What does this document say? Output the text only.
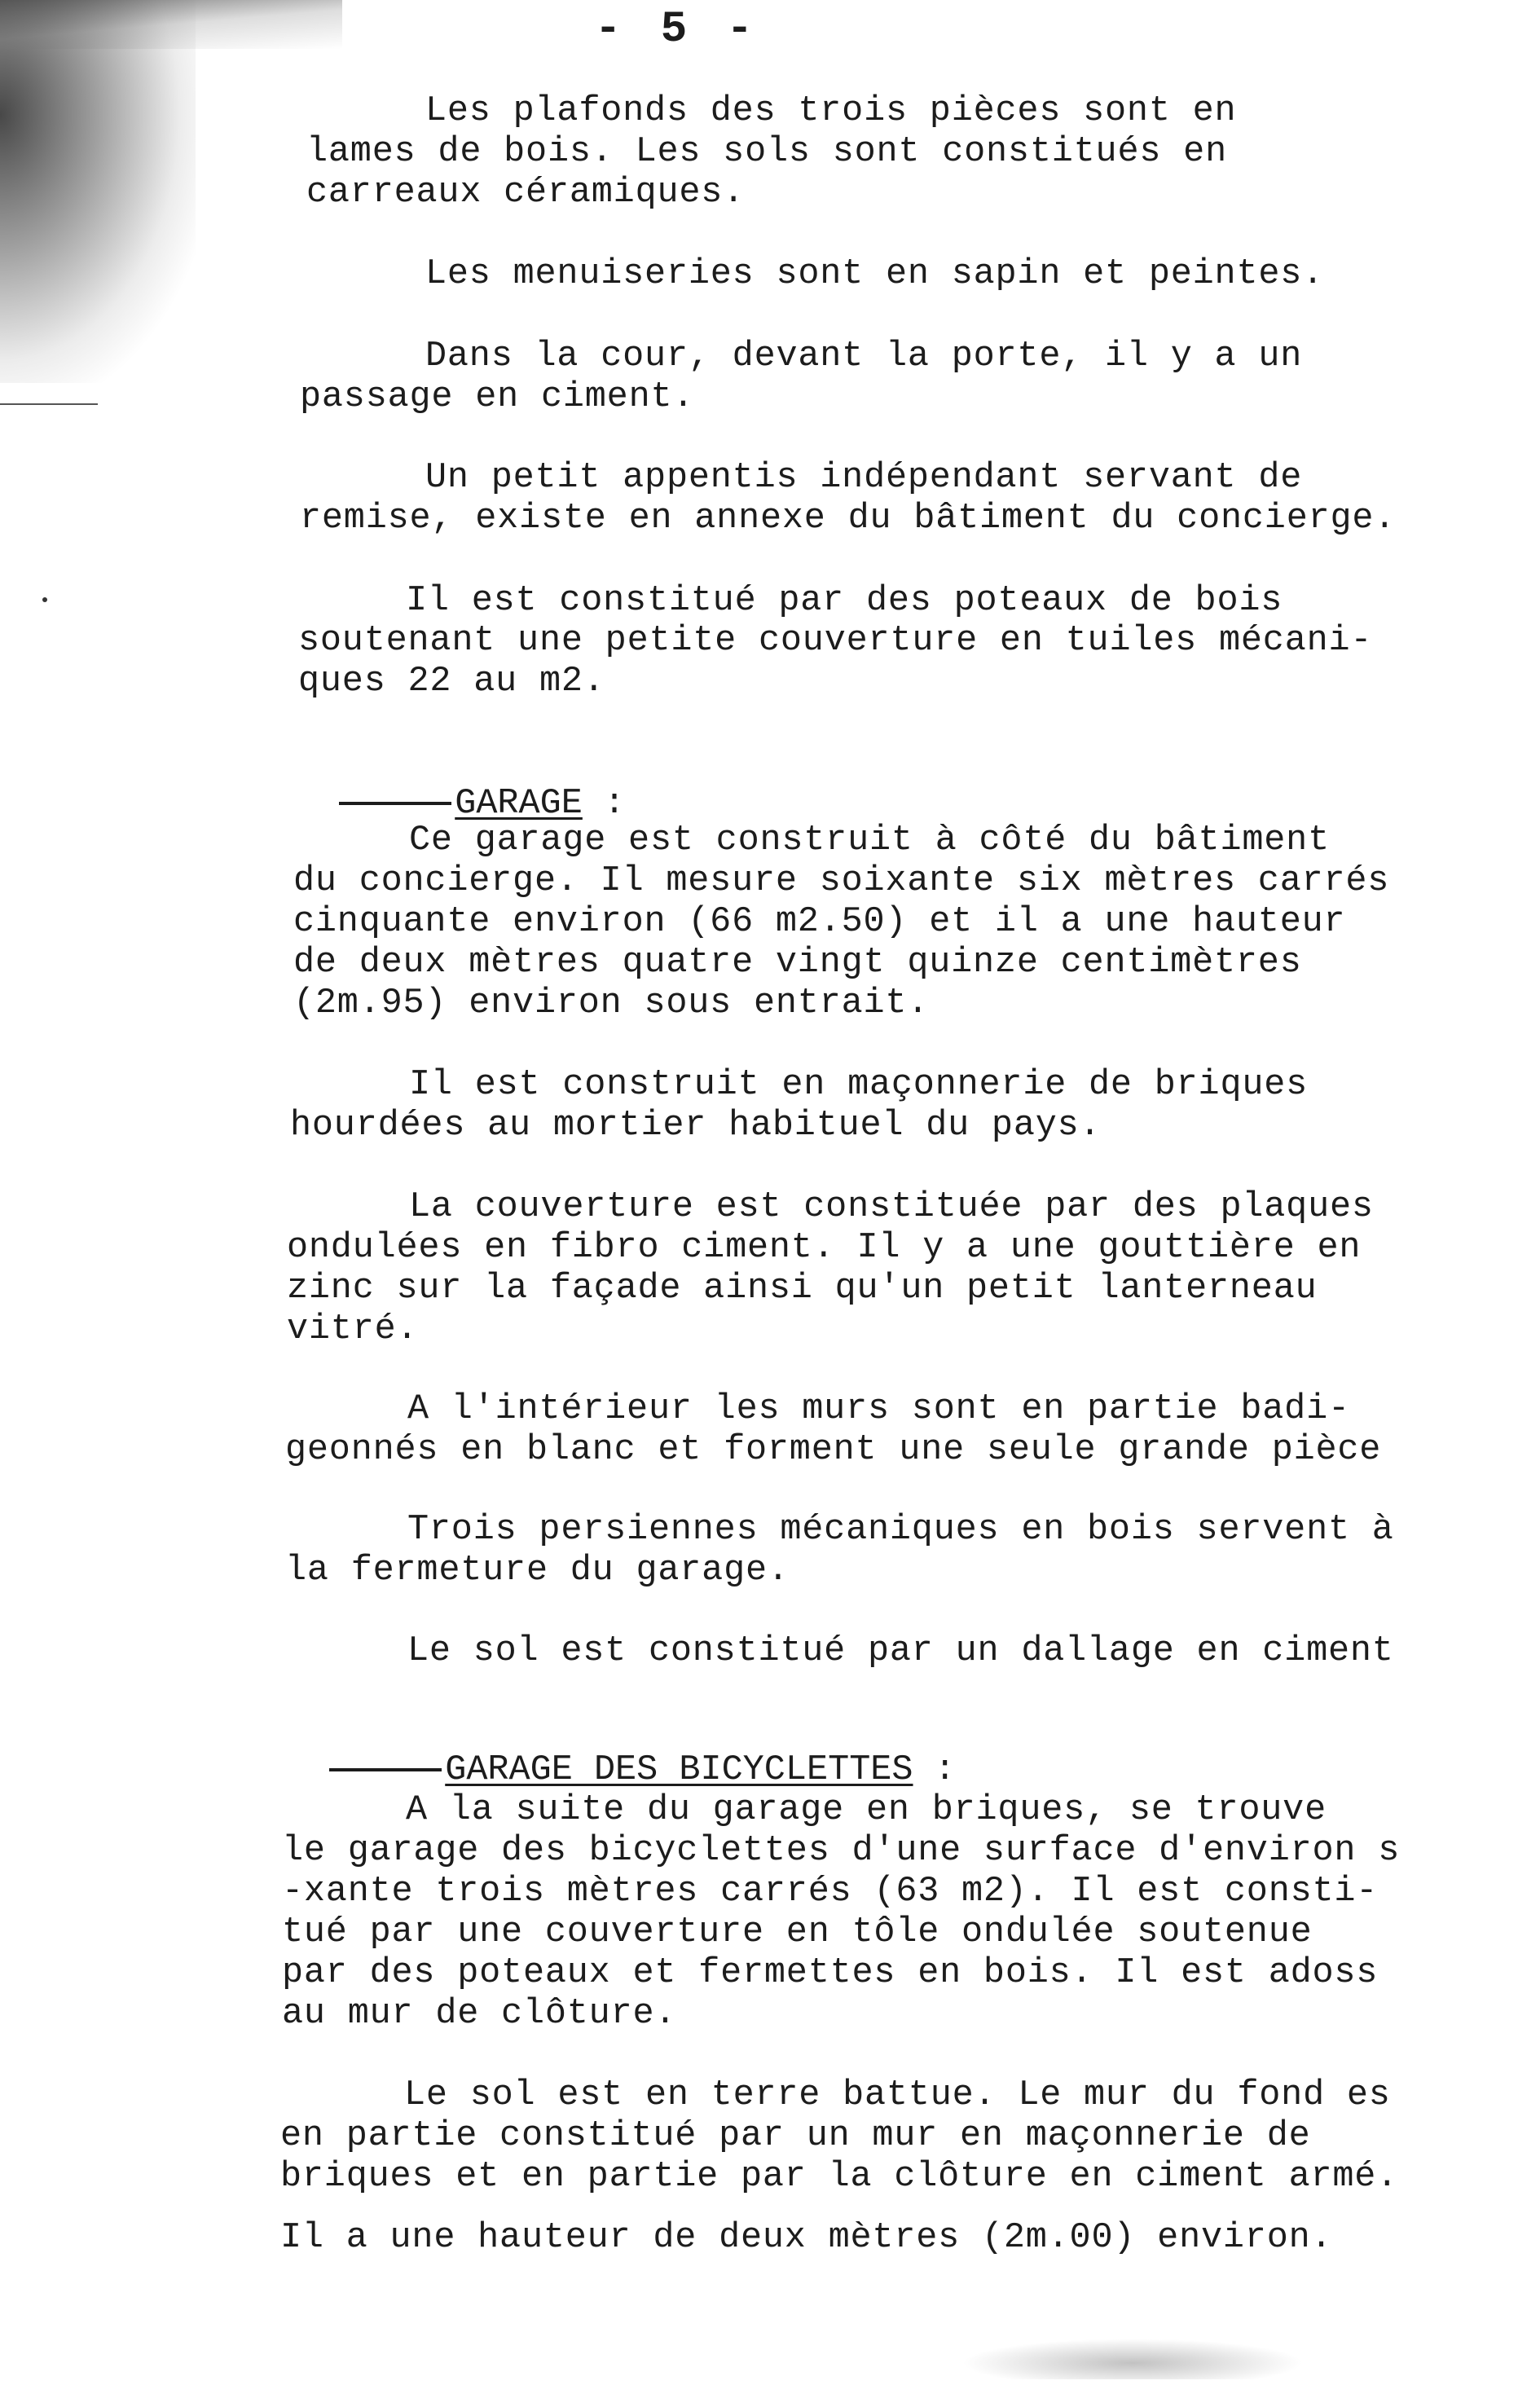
- 5 -
Les plafonds des trois pièces sont en
lames de bois. Les sols sont constitués en
carreaux céramiques.
Les menuiseries sont en sapin et peintes.
Dans la cour, devant la porte, il y a un
passage en ciment.
Un petit appentis indépendant servant de
remise, existe en annexe du bâtiment du concierge.
Il est constitué par des poteaux de bois
soutenant une petite couverture en tuiles mécani-
ques 22 au m2.

GARAGE :

Ce garage est construit à côté du bâtiment
du concierge. Il mesure soixante six mètres carrés
cinquante environ (66 m2.50) et il a une hauteur
de deux mètres quatre vingt quinze centimètres
(2m.95) environ sous entrait.
Il est construit en maçonnerie de briques
hourdées au mortier habituel du pays.
La couverture est constituée par des plaques
ondulées en fibro ciment. Il y a une gouttière en
zinc sur la façade ainsi qu'un petit lanterneau
vitré.
A l'intérieur les murs sont en partie badi-
geonnés en blanc et forment une seule grande pièce
Trois persiennes mécaniques en bois servent à
la fermeture du garage.
Le sol est constitué par un dallage en ciment

GARAGE DES BICYCLETTES :

A la suite du garage en briques, se trouve
le garage des bicyclettes d'une surface d'environ s
-xante trois mètres carrés (63 m2). Il est consti-
tué par une couverture en tôle ondulée soutenue
par des poteaux et fermettes en bois. Il est adoss
au mur de clôture.
Le sol est en terre battue. Le mur du fond es
en partie constitué par un mur en maçonnerie de
briques et en partie par la clôture en ciment armé.
Il a une hauteur de deux mètres (2m.00) environ.
